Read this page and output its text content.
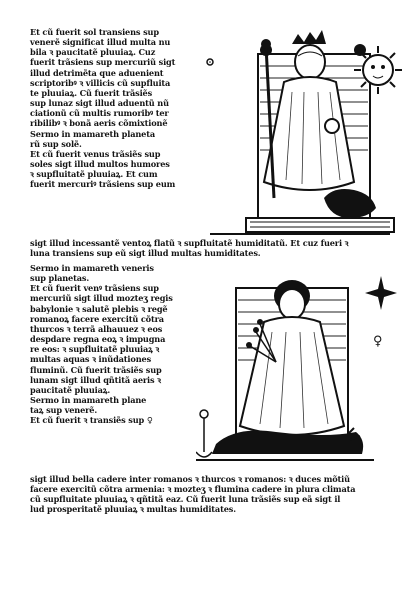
Et cũ fuerit sol transiens sup

venerẽ significat illud multa nu

bila ꝛ paucitatẽ pluuiaꝝ. Cuz

fuerit trãsiens sup mercuriũ sigt

illud detrimẽta que aduenient

scriptoribꝰ ꝛ villicis cũ supfluita

te pluuiaꝝ. Cũ fuerit trãsiẽs

sup lunaz sigt illud aduentũ nũ

ciationũ cũ multis rumoribꝰ ter

ribilibꝰ ꝛ bonã aeris cõmixtionẽ

Sermo in mamareth planeta

rũ sup solẽ.

Et cũ fuerit venus trãsiẽs sup

soles sigt illud multos humores

ꝛ supfluitatẽ pluuiaꝝ. Et cum

fuerit mercuriꝰ trãsiens sup eum

sigt illud incessantẽ ventoꝝ flatũ ꝛ supfluitatẽ humiditatũ. Et cuz fueri ꝛ
luna transiens sup eũ sigt illud multas humiditates.

Sermo in mamareth veneris

sup planetas.

Et cũ fuerit venꝰ trãsiens sup

mercuriũ sigt illud mozteʒ regis

babylonie ꝛ salutẽ plebis ꝛ regẽ

romanoꝝ facere exercitũ cõtra

thurcos ꝛ terrã alhauuez ꝛ eos

despdare regna eoꝝ ꝛ impugna

re eos: ꝛ supfluitatẽ pluuiaꝝ ꝛ

multas aquas ꝛ inũdationes

fluminũ. Cũ fuerit trãsiẽs sup

lunam sigt illud qñtitã aeris ꝛ

paucitatẽ pluuiaꝝ.

Sermo in mamareth plane

taꝝ sup venerẽ.

Et cũ fuerit ꝛ transiẽs sup ♀

♀
sigt illud bella cadere inter romanos ꝛ thurcos ꝛ romanos: ꝛ duces mõtiũ
facere exercitũ cõtra armenia: ꝛ mozteʒ ꝛ flumina cadere in plura climata
cũ supfluitate pluuiaꝝ ꝛ qñtitã eaz. Cũ fuerit luna trãsiẽs sup eã sigt il
lud prosperitatẽ pluuiaꝝ ꝛ multas humiditates.
